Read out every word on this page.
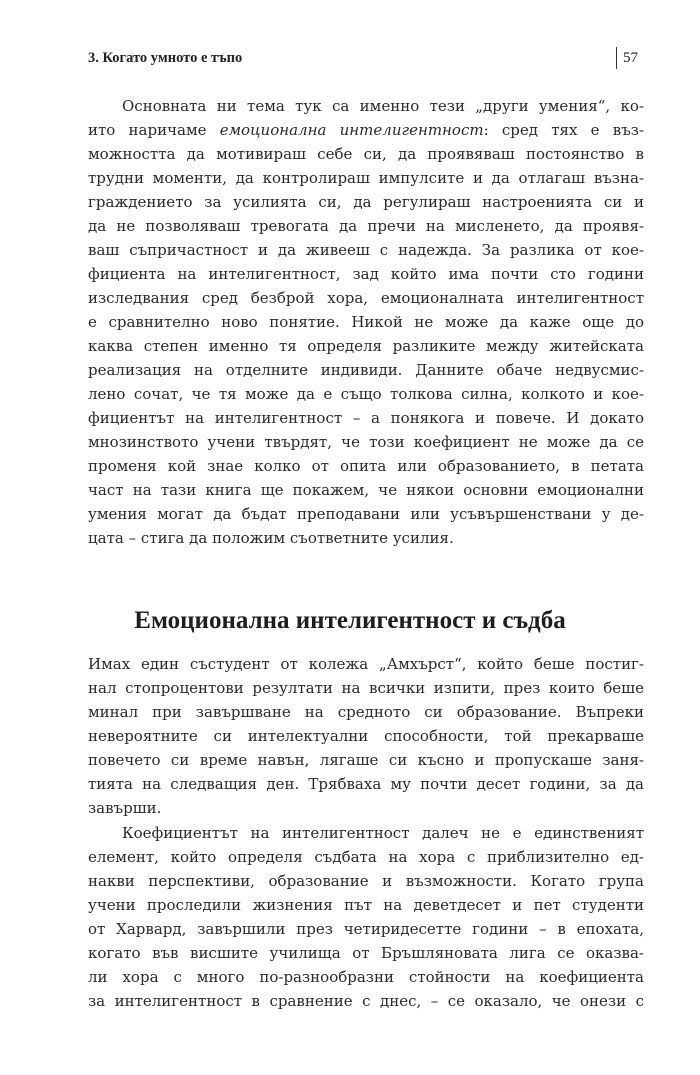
3. Когато умното е тъпо	57
Основната ни тема тук са именно тези „други умения“, ко-
ито наричаме емоционална интелигентност: сред тях е въз-
можността да мотивираш себе си, да проявяваш постоянство в
трудни моменти, да контролираш импулсите и да отлагаш възна-
граждението за усилията си, да регулираш настроенията си и
да не позволяваш тревогата да пречи на мисленето, да проявя-
ваш съпричастност и да живееш с надежда. За разлика от кое-
фициента на интелигентност, зад който има почти сто години
изследвания сред безброй хора, емоционалната интелигентност
е сравнително ново понятие. Никой не може да каже още до
каква степен именно тя определя разликите между житейската
реализация на отделните индивиди. Данните обаче недвусмис-
лено сочат, че тя може да е също толкова силна, колкото и кое-
фициентът на интелигентност – а понякога и повече. И докато
мнозинството учени твърдят, че този коефициент не може да се
променя кой знае колко от опита или образованието, в петата
част на тази книга ще покажем, че някои основни емоционални
умения могат да бъдат преподавани или усъвършенствани у де-
цата – стига да положим съответните усилия.
Емоционална интелигентност и съдба
Имах един състудент от колежа „Амхърст“, който беше постиг-
нал стопроцентови резултати на всички изпити, през които беше
минал при завършване на средното си образование. Въпреки
невероятните си интелектуални способности, той прекарваше
повечето си време навън, лягаше си късно и пропускаше заня-
тията на следващия ден. Трябваха му почти десет години, за да
завърши.
Коефициентът на интелигентност далеч не е единственият
елемент, който определя съдбата на хора с приблизително ед-
накви перспективи, образование и възможности. Когато група
учени проследили жизнения път на деветдесет и пет студенти
от Харвард, завършили през четиридесетте години – в епохата,
когато във висшите училища от Бръшляновата лига се оказва-
ли хора с много по-разнообразни стойности на коефициента
за интелигентност в сравнение с днес, – се оказало, че онези с
